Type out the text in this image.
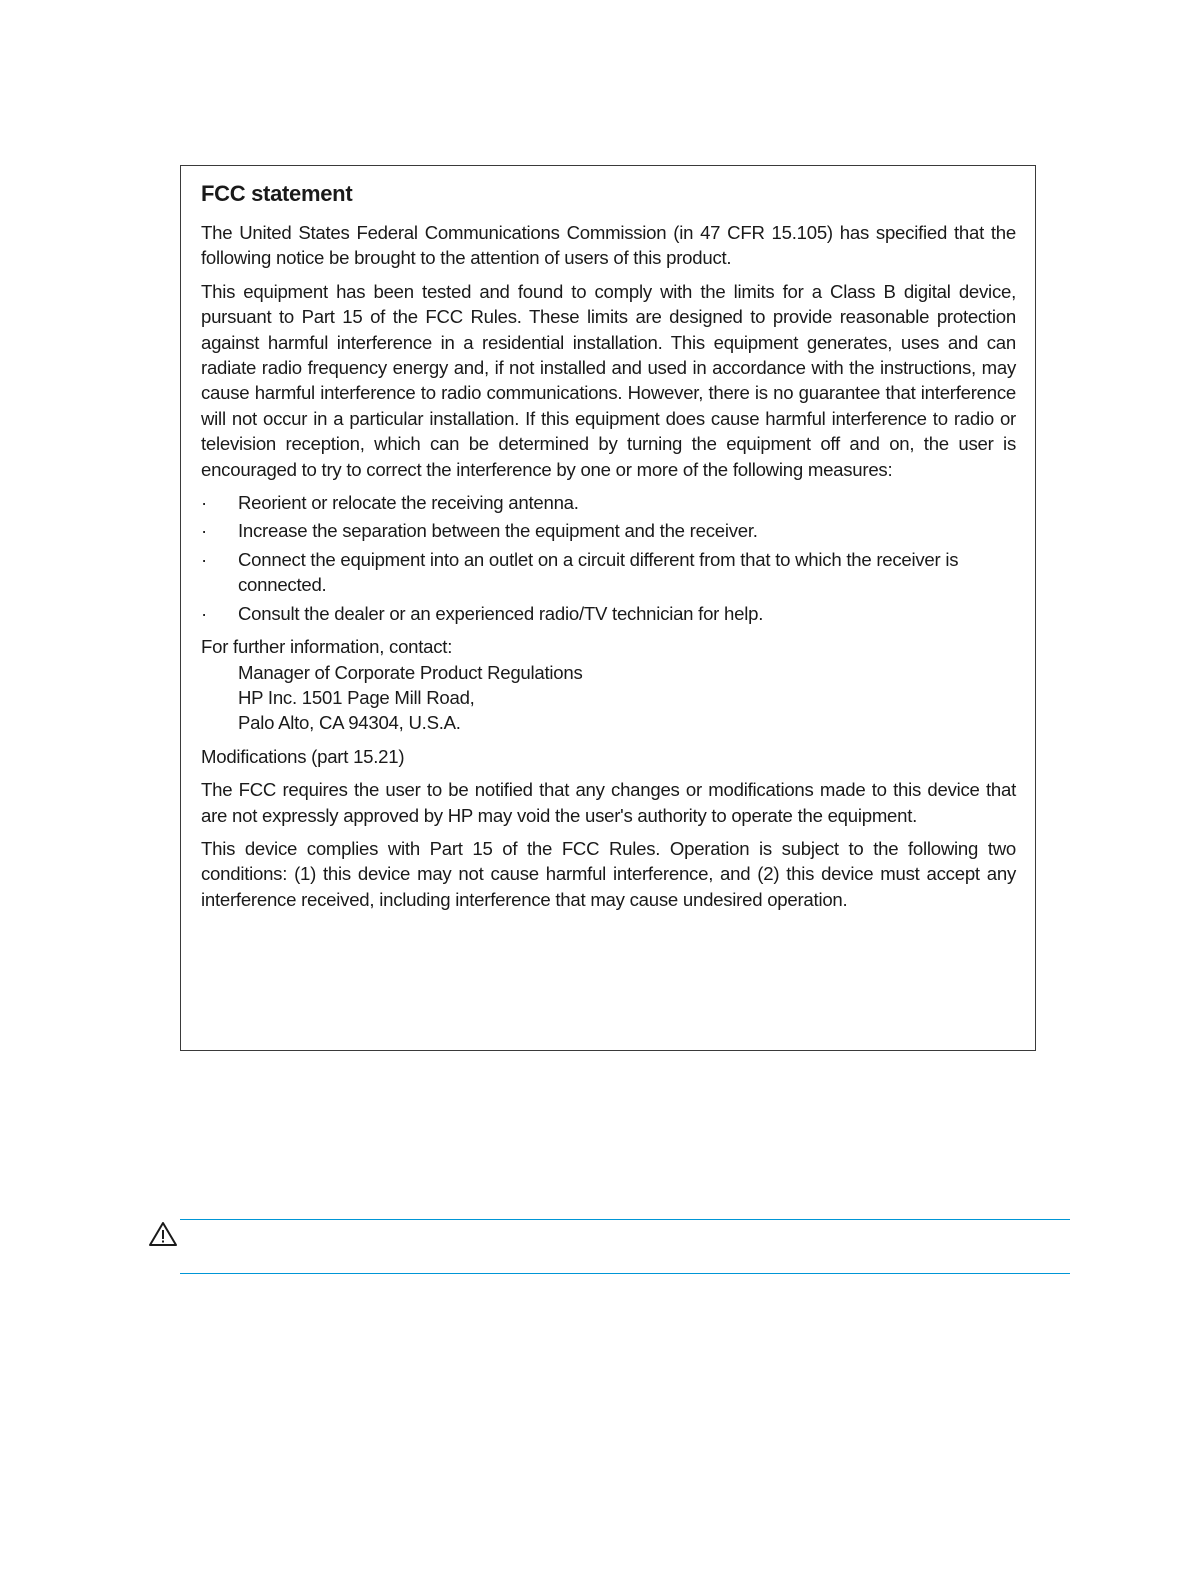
FCC statement

The United States Federal Communications Commission (in 47 CFR 15.105) has specified that the following notice be brought to the attention of users of this product.

This equipment has been tested and found to comply with the limits for a Class B digital device, pursuant to Part 15 of the FCC Rules. These limits are designed to provide reasonable protection against harmful interference in a residential installation. This equipment generates, uses and can radiate radio frequency energy and, if not installed and used in accordance with the instructions, may cause harmful interference to radio communications. However, there is no guarantee that interference will not occur in a particular installation. If this equipment does cause harmful interference to radio or television reception, which can be determined by turning the equipment off and on, the user is encouraged to try to correct the interference by one or more of the following measures:

· Reorient or relocate the receiving antenna.
· Increase the separation between the equipment and the receiver.
· Connect the equipment into an outlet on a circuit different from that to which the receiver is connected.
· Consult the dealer or an experienced radio/TV technician for help.
For further information, contact:
Manager of Corporate Product Regulations
HP Inc. 1501 Page Mill Road,
Palo Alto, CA 94304, U.S.A.

Modifications (part 15.21)

The FCC requires the user to be notified that any changes or modifications made to this device that are not expressly approved by HP may void the user's authority to operate the equipment.

This device complies with Part 15 of the FCC Rules. Operation is subject to the following two conditions: (1) this device may not cause harmful interference, and (2) this device must accept any interference received, including interference that may cause undesired operation.
